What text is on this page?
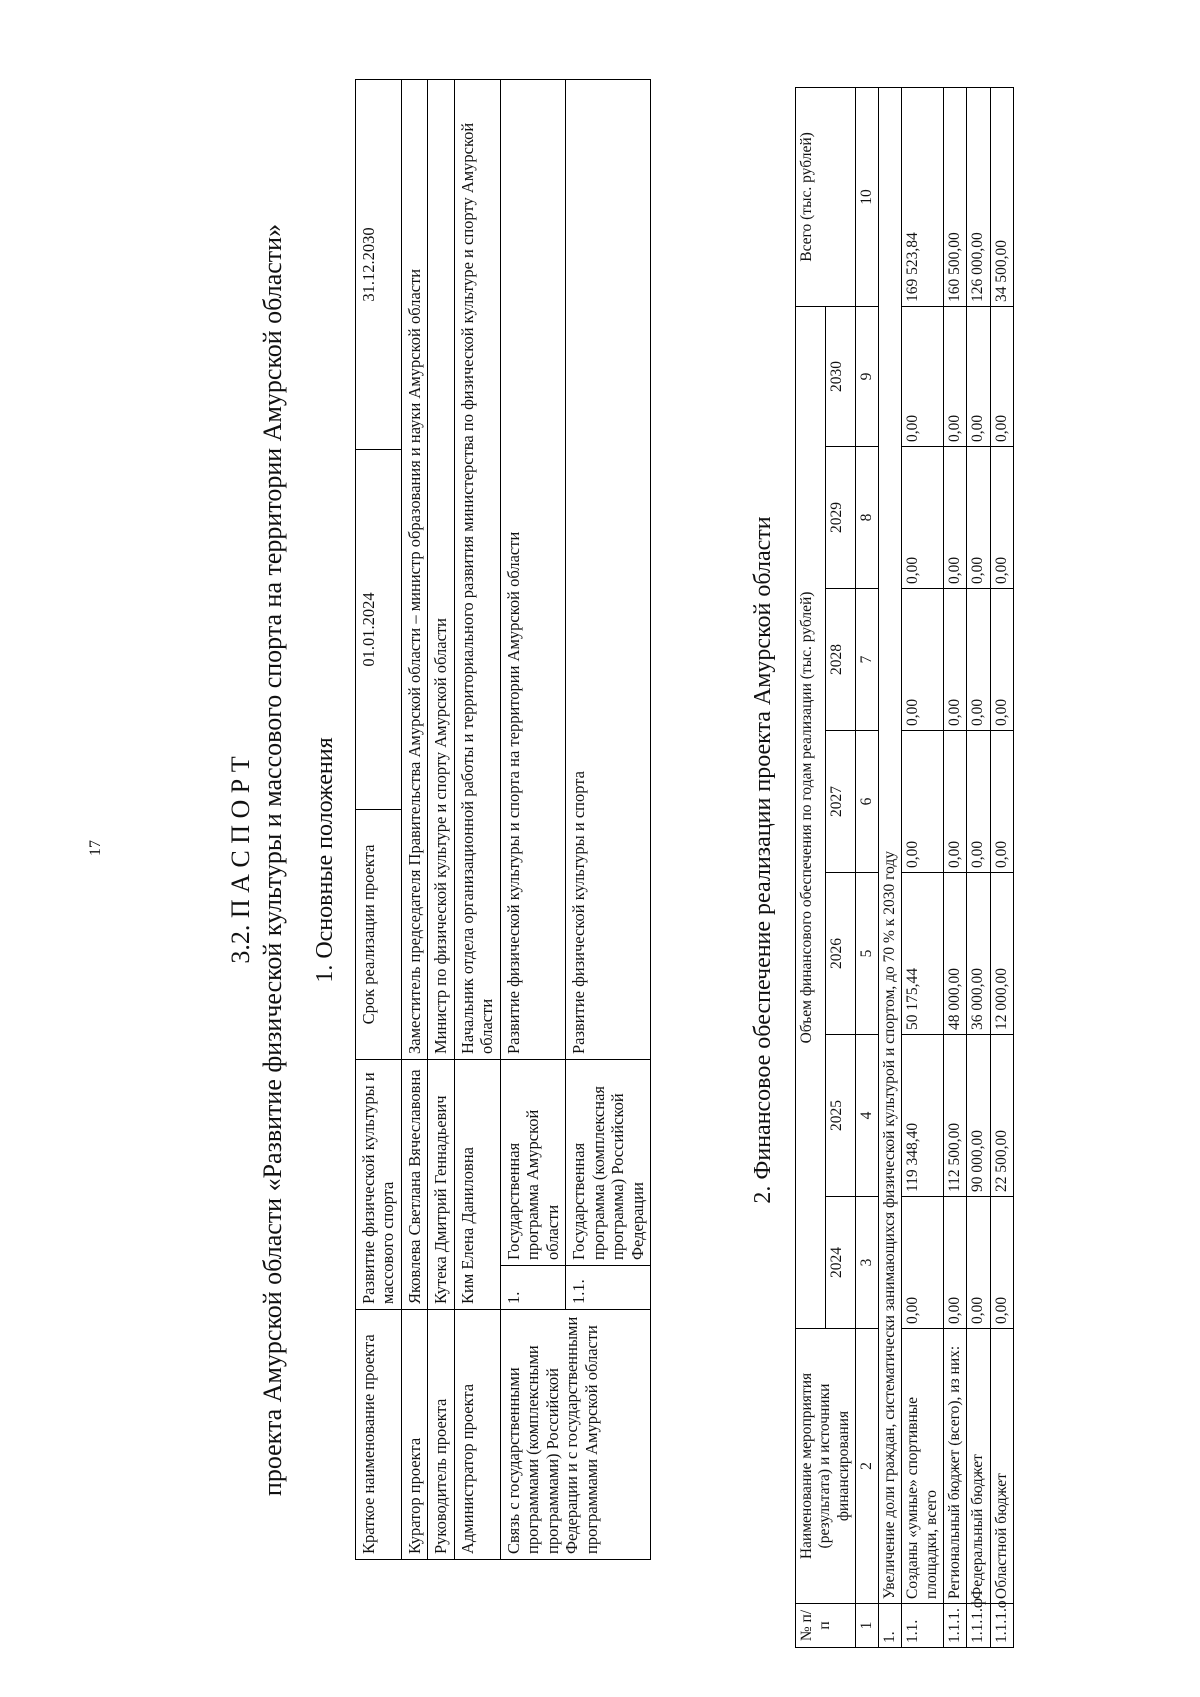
17	3.2. П А С П О Р Т проекта Амурской области «Развитие физической культуры и массового спорта на территории Амурской области» 1. Основные положения
Краткое наименование проекта	Развитие физической культуры и массового спорта		Срок реализации проекта	01.01.2024	31.12.2030
Куратор проекта	Яковлева Светлана Вячеславовна		Заместитель председателя Правительства Амурской области – министр образования и науки Амурской области		
Руководитель проекта	Кутека Дмитрий Геннадьевич		Министр по физической культуре и спорту Амурской области		
Администратор проекта	Ким Елена Даниловна		Начальник отдела организационной работы и территориального развития министерства по физической культуре и спорту Амурской области		
Связь с государственными программами (комплексными программами) Российской Федерации и с государственными программами Амурской области	1.	Государственная программа Амурской области	Развитие физической культуры и спорта на территории Амурской области		
	1.1.	Государственная программа (комплексная программа) Российской Федерации	Развитие физической культуры и спорта			2. Финансовое обеспечение реализации проекта Амурской области
№ п/п	Наименование мероприятия (результата) и источники финансирования	Объем финансового обеспечения по годам реализации (тыс. рублей)							Всего (тыс. рублей)
		2024	2025	2026	2027	2028	2029	2030	
1	2	3	4	5	6	7	8	9	10
1.	Увеличение доли граждан, систематически занимающихся физической культурой и спортом, до 70 % к 2030 году								
1.1.	Созданы «умные» спортивные площадки, всего	0,00	119 348,40	50 175,44	0,00	0,00	0,00	0,00	169 523,84
1.1.1.	Региональный бюджет (всего), из них:	0,00	112 500,00	48 000,00	0,00	0,00	0,00	0,00	160 500,00
1.1.1.ф	Федеральный бюджет	0,00	90 000,00	36 000,00	0,00	0,00	0,00	0,00	126 000,00
1.1.1.о	Областной бюджет	0,00	22 500,00	12 000,00	0,00	0,00	0,00	0,00	34 500,00
